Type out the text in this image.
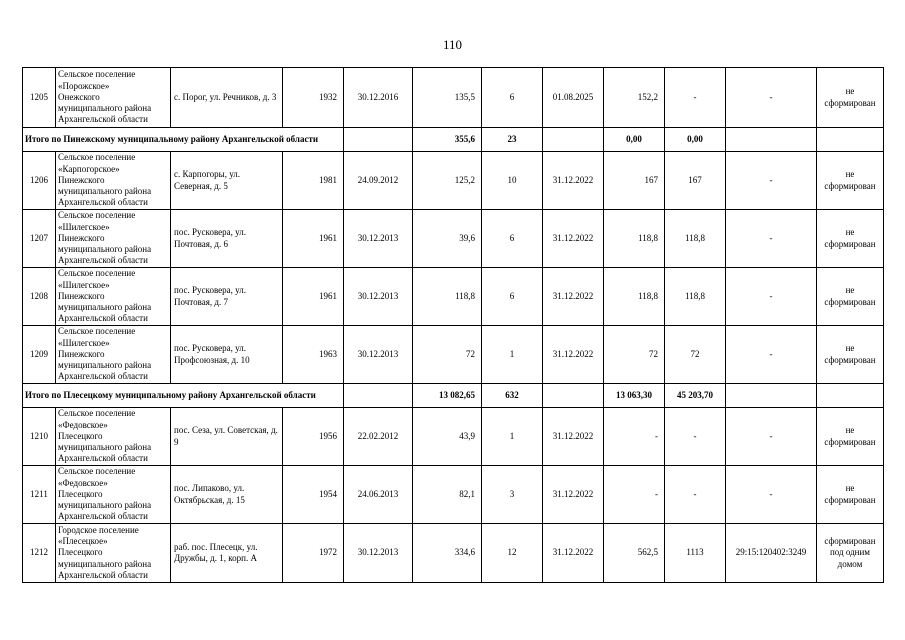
110
1205	Сельское поселение
«Порожское»
Онежского
муниципального района
Архангельской области	с. Порог, ул. Речников, д. 3	1932	30.12.2016	135,5	6	01.08.2025	152,2	-	-	не сформирован
Итого по Пинежскому муниципальному району Архангельской области					355,6	23		0,00	0,00		
1206	Сельское поселение
«Карпогорское»
Пинежского
муниципального района
Архангельской области	с. Карпогоры, ул. Северная, д. 5	1981	24.09.2012	125,2	10	31.12.2022	167	167	-	не сформирован
1207	Сельское поселение
«Шилегское»
Пинежского
муниципального района
Архангельской области	пос. Русковера, ул. Почтовая, д. 6	1961	30.12.2013	39,6	6	31.12.2022	118,8	118,8	-	не сформирован
1208	Сельское поселение
«Шилегское»
Пинежского
муниципального района
Архангельской области	пос. Русковера, ул. Почтовая, д. 7	1961	30.12.2013	118,8	6	31.12.2022	118,8	118,8	-	не сформирован
1209	Сельское поселение
«Шилегское»
Пинежского
муниципального района
Архангельской области	пос. Русковера, ул. Профсоюзная, д. 10	1963	30.12.2013	72	1	31.12.2022	72	72	-	не сформирован
Итого по Плесецкому муниципальному району Архангельской области					13 082,65	632		13 063,30	45 203,70		
1210	Сельское поселение
«Федовское»
Плесецкого
муниципального района
Архангельской области	пос. Сеза, ул. Советская, д. 9	1956	22.02.2012	43,9	1	31.12.2022	-	-	-	не сформирован
1211	Сельское поселение
«Федовское»
Плесецкого
муниципального района
Архангельской области	пос. Липаково, ул. Октябрьская, д. 15	1954	24.06.2013	82,1	3	31.12.2022	-	-	-	не сформирован
1212	Городское поселение
«Плесецкое»
Плесецкого
муниципального района
Архангельской области	раб. пос. Плесецк, ул. Дружбы, д. 1, корп. А	1972	30.12.2013	334,6	12	31.12.2022	562,5	1113	29:15:120402:3249	сформирован под одним домом
